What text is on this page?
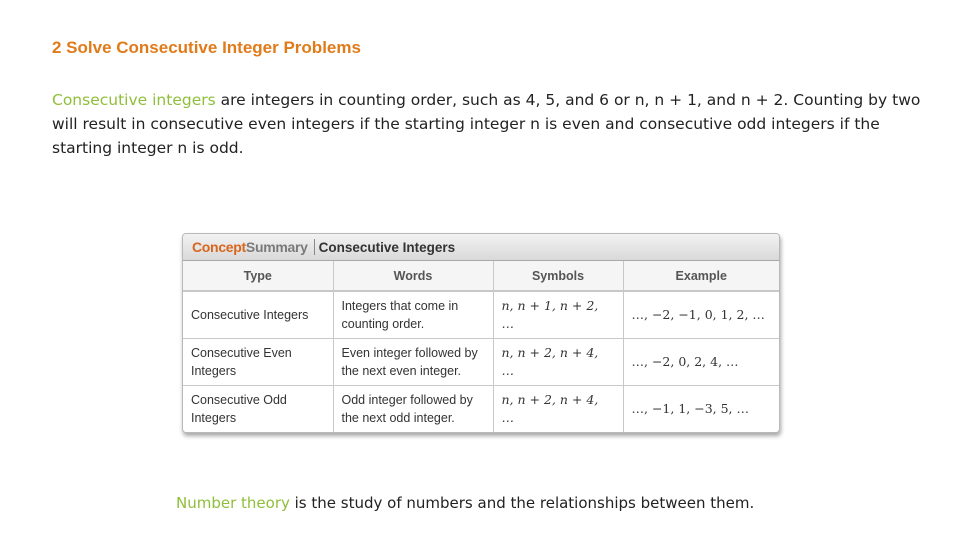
2 Solve Consecutive Integer Problems

Consecutive integers are integers in counting order, such as 4, 5, and 6 or n, n + 1, and n + 2. Counting by two will result in consecutive even integers if the starting integer n is even and consecutive odd integers if the starting integer n is odd.

Concept Summary Consecutive Integers
Type	Words	Symbols	Example
Consecutive Integers	Integers that come in counting order.	n, n + 1, n + 2, …	…, −2, −1, 0, 1, 2, …
Consecutive Even Integers	Even integer followed by the next even integer.	n, n + 2, n + 4, …	…, −2, 0, 2, 4, …
Consecutive Odd Integers	Odd integer followed by the next odd integer.	n, n + 2, n + 4, …	…, −1, 1, −3, 5, …

Number theory is the study of numbers and the relationships between them.
